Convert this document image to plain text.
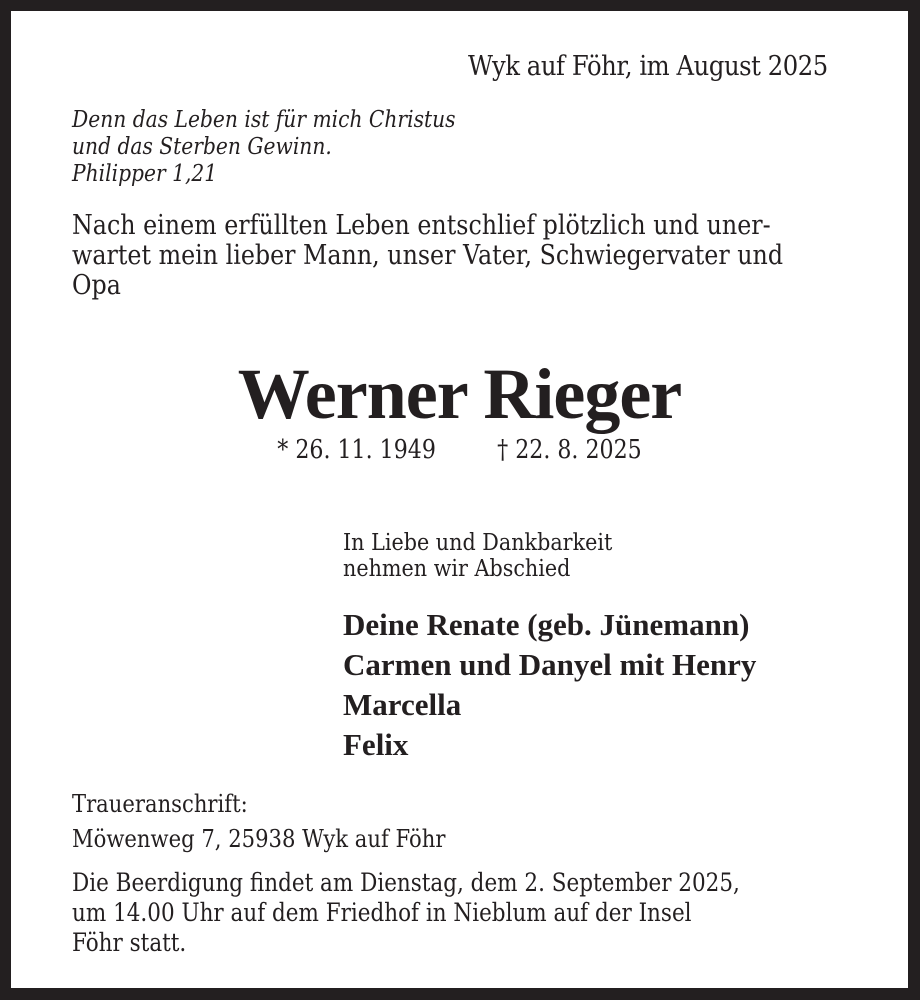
Wyk auf Föhr, im August 2025

Denn das Leben ist für mich Christus
und das Sterben Gewinn.
Philipper 1,21
Nach einem erfüllten Leben entschlief plötzlich und uner-
wartet mein lieber Mann, unser Vater, Schwiegervater und
Opa
Werner Rieger
* 26. 11. 1949 † 22. 8. 2025
In Liebe und Dankbarkeit
nehmen wir Abschied
Deine Renate (geb. Jünemann)
Carmen und Danyel mit Henry
Marcella
Felix
Traueranschrift:
Möwenweg 7, 25938 Wyk auf Föhr
Die Beerdigung findet am Dienstag, dem 2. September 2025,
um 14.00 Uhr auf dem Friedhof in Nieblum auf der Insel
Föhr statt.
